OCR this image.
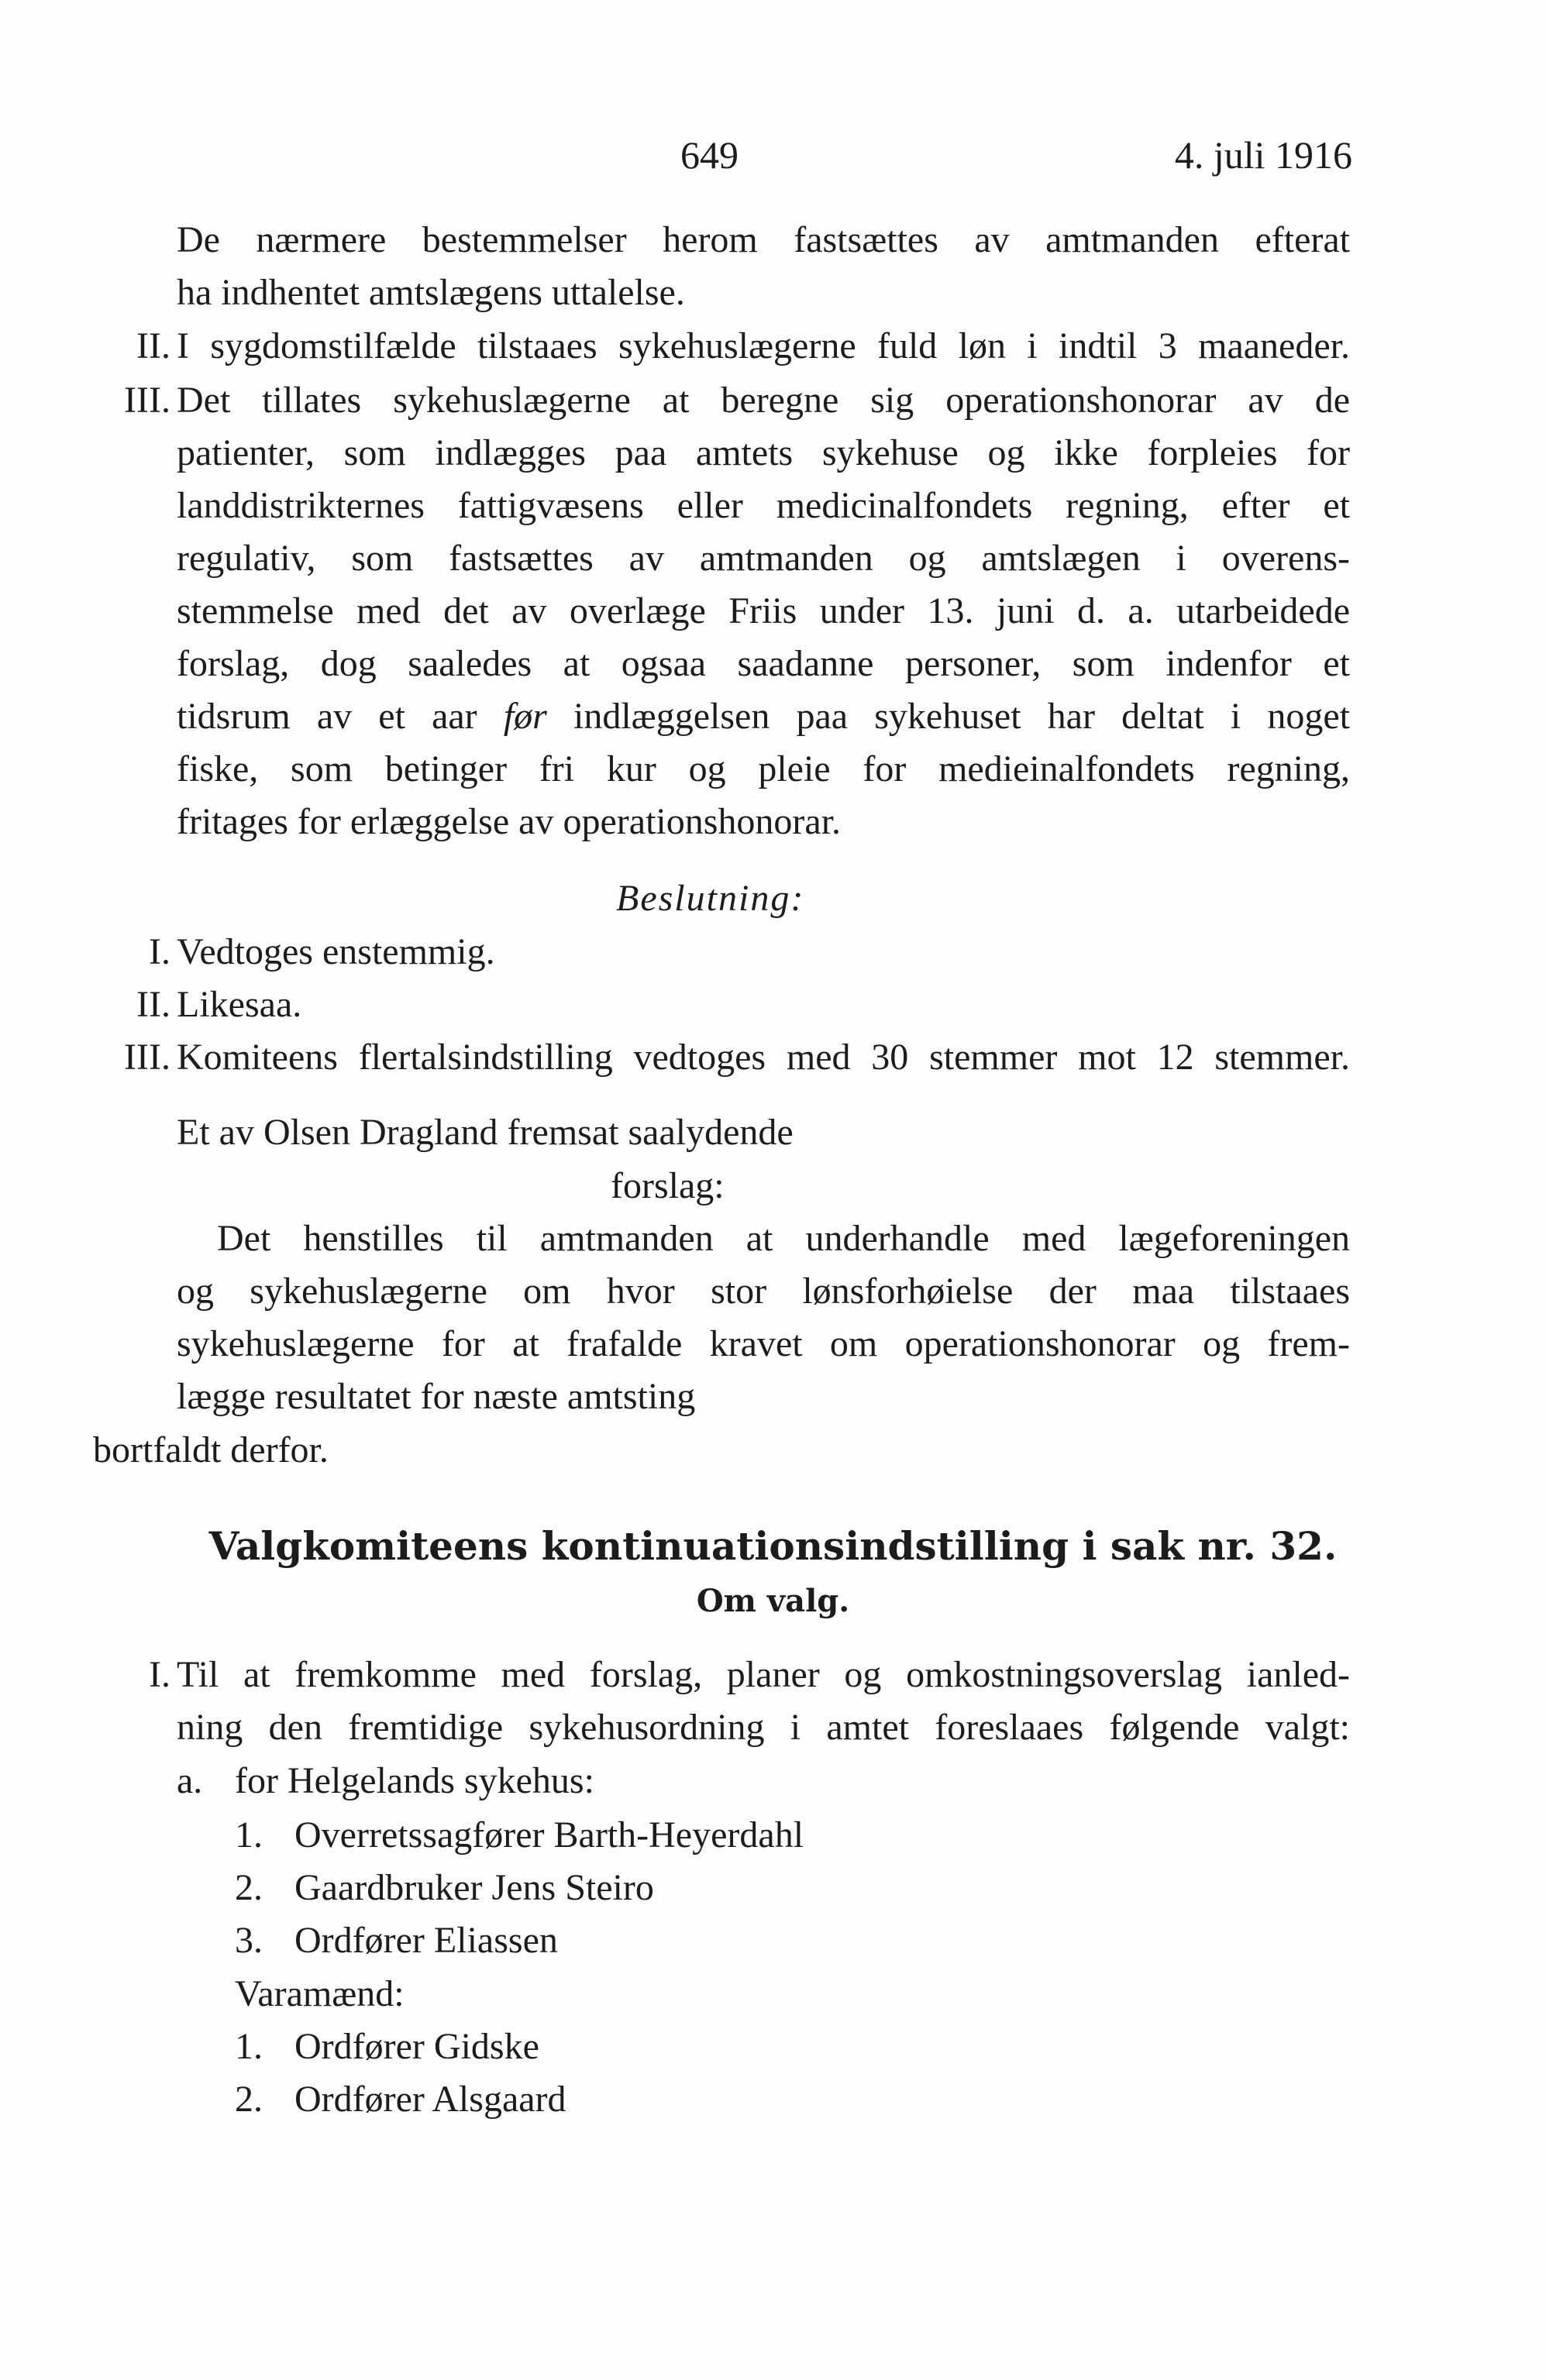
649	4. juli 1916
De nærmere bestemmelser herom fastsættes av amtmanden efterat
ha indhentet amtslægens uttalelse.
II. I sygdomstilfælde tilstaaes sykehuslægerne fuld løn i indtil 3 maaneder.
III. Det tillates sykehuslægerne at beregne sig operationshonorar av de
patienter, som indlægges paa amtets sykehuse og ikke forpleies for
landdistrikternes fattigvæsens eller medicinalfondets regning, efter et
regulativ, som fastsættes av amtmanden og amtslægen i overens-
stemmelse med det av overlæge Friis under 13. juni d. a. utarbeidede
forslag, dog saaledes at ogsaa saadanne personer, som indenfor et
tidsrum av et aar før indlæggelsen paa sykehuset har deltat i noget
fiske, som betinger fri kur og pleie for medieinalfondets regning,
fritages for erlæggelse av operationshonorar.
Beslutning:
I. Vedtoges enstemmig.
II. Likesaa.
III. Komiteens flertalsindstilling vedtoges med 30 stemmer mot 12 stemmer.
Et av Olsen Dragland fremsat saalydende
forslag:
Det henstilles til amtmanden at underhandle med lægeforeningen
og sykehuslægerne om hvor stor lønsforhøielse der maa tilstaaes
sykehuslægerne for at frafalde kravet om operationshonorar og frem-
lægge resultatet for næste amtsting
bortfaldt derfor.
Valgkomiteens kontinuationsindstilling i sak nr. 32.
Om valg.
I. Til at fremkomme med forslag, planer og omkostningsoverslag ianled-
ning den fremtidige sykehusordning i amtet foreslaaes følgende valgt:
a. for Helgelands sykehus:
1. Overretssagfører Barth-Heyerdahl
2. Gaardbruker Jens Steiro
3. Ordfører Eliassen
Varamænd:
1. Ordfører Gidske
2. Ordfører Alsgaard
